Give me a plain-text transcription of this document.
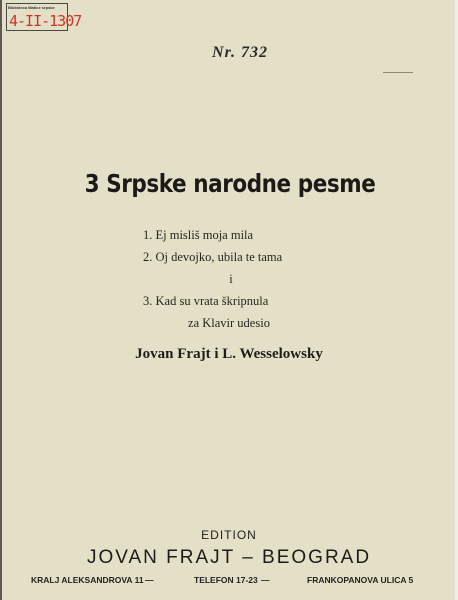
Biblioteca Matice srpske
4-II-1307
Nr. 732
3 Srpske narodne pesme
1. Ej misliš moja mila
2. Oj devojko, ubila te tama
i
3. Kad su vrata škripnula
za Klavir udesio
Jovan Frajt i L. Wesselowsky
EDITION
JOVAN FRAJT – BEOGRAD
KRALJ ALEKSANDROVA 11 —	TELEFON 17-23 —	FRANKOPANOVA ULICA 5
